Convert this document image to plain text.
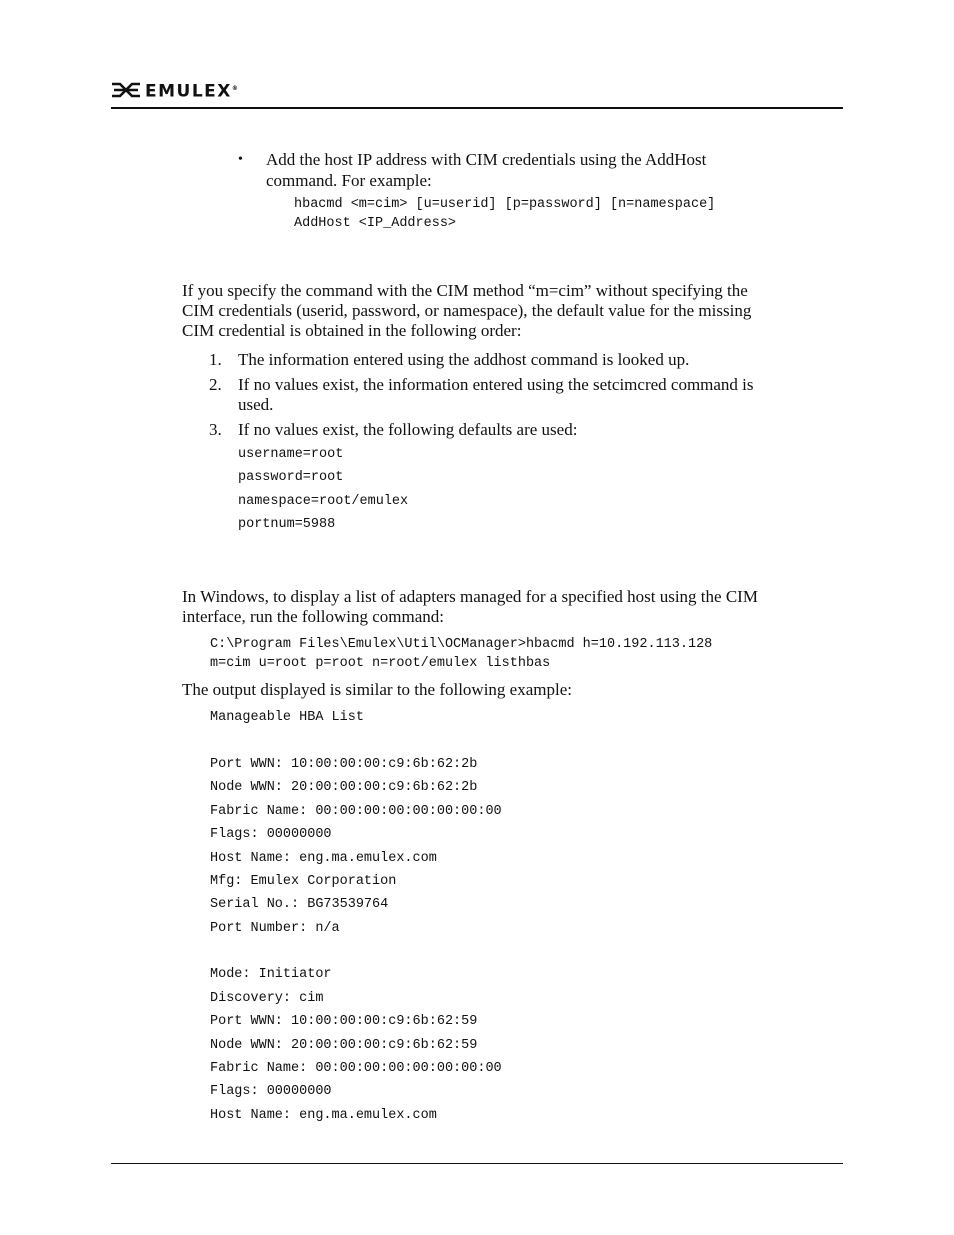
EMULEX®
• Add the host IP address with CIM credentials using the AddHost
command. For example:
hbacmd <m=cim> [u=userid] [p=password] [n=namespace]
AddHost <IP_Address>
If you specify the command with the CIM method “m=cim” without specifying the
CIM credentials (userid, password, or namespace), the default value for the missing
CIM credential is obtained in the following order:
1. The information entered using the addhost command is looked up.
2. If no values exist, the information entered using the setcimcred command is
used.
3. If no values exist, the following defaults are used:
username=root
password=root
namespace=root/emulex
portnum=5988
In Windows, to display a list of adapters managed for a specified host using the CIM
interface, run the following command:
C:\Program Files\Emulex\Util\OCManager>hbacmd h=10.192.113.128
m=cim u=root p=root n=root/emulex listhbas
The output displayed is similar to the following example:
Manageable HBA List
Port WWN: 10:00:00:00:c9:6b:62:2b
Node WWN: 20:00:00:00:c9:6b:62:2b
Fabric Name: 00:00:00:00:00:00:00:00
Flags: 00000000
Host Name: eng.ma.emulex.com
Mfg: Emulex Corporation
Serial No.: BG73539764
Port Number: n/a
Mode: Initiator
Discovery: cim
Port WWN: 10:00:00:00:c9:6b:62:59
Node WWN: 20:00:00:00:c9:6b:62:59
Fabric Name: 00:00:00:00:00:00:00:00
Flags: 00000000
Host Name: eng.ma.emulex.com
